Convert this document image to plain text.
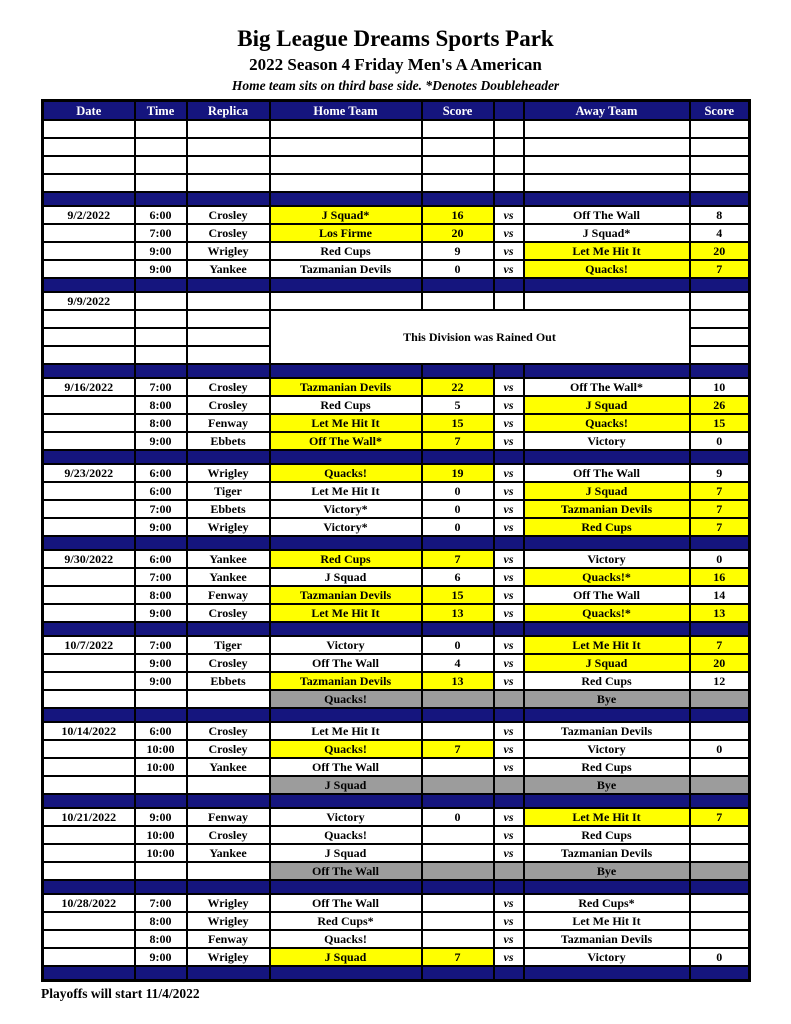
Big League Dreams Sports Park
2022 Season 4 Friday Men's A American
Home team sits on third base side. *Denotes Doubleheader
Date	Time	Replica	Home Team	Score		Away Team	Score

9/2/2022	6:00	Crosley	J Squad*	16	vs	Off The Wall	8
	7:00	Crosley	Los Firme	20	vs	J Squad*	4
	9:00	Wrigley	Red Cups	9	vs	Let Me Hit It	20
	9:00	Yankee	Tazmanian Devils	0	vs	Quacks!	7

9/9/2022							
			This Division was Rained Out				

9/16/2022	7:00	Crosley	Tazmanian Devils	22	vs	Off The Wall*	10
	8:00	Crosley	Red Cups	5	vs	J Squad	26
	8:00	Fenway	Let Me Hit It	15	vs	Quacks!	15
	9:00	Ebbets	Off The Wall*	7	vs	Victory	0

9/23/2022	6:00	Wrigley	Quacks!	19	vs	Off The Wall	9
	6:00	Tiger	Let Me Hit It	0	vs	J Squad	7
	7:00	Ebbets	Victory*	0	vs	Tazmanian Devils	7
	9:00	Wrigley	Victory*	0	vs	Red Cups	7

9/30/2022	6:00	Yankee	Red Cups	7	vs	Victory	0
	7:00	Yankee	J Squad	6	vs	Quacks!*	16
	8:00	Fenway	Tazmanian Devils	15	vs	Off The Wall	14
	9:00	Crosley	Let Me Hit It	13	vs	Quacks!*	13

10/7/2022	7:00	Tiger	Victory	0	vs	Let Me Hit It	7
	9:00	Crosley	Off The Wall	4	vs	J Squad	20
	9:00	Ebbets	Tazmanian Devils	13	vs	Red Cups	12
			Quacks!			Bye	

10/14/2022	6:00	Crosley	Let Me Hit It		vs	Tazmanian Devils	
	10:00	Crosley	Quacks!	7	vs	Victory	0
	10:00	Yankee	Off The Wall		vs	Red Cups	
			J Squad			Bye	

10/21/2022	9:00	Fenway	Victory	0	vs	Let Me Hit It	7
	10:00	Crosley	Quacks!		vs	Red Cups	
	10:00	Yankee	J Squad		vs	Tazmanian Devils	
			Off The Wall			Bye	

10/28/2022	7:00	Wrigley	Off The Wall		vs	Red Cups*	
	8:00	Wrigley	Red Cups*		vs	Let Me Hit It	
	8:00	Fenway	Quacks!		vs	Tazmanian Devils	
	9:00	Wrigley	J Squad	7	vs	Victory	0

Playoffs will start 11/4/2022
